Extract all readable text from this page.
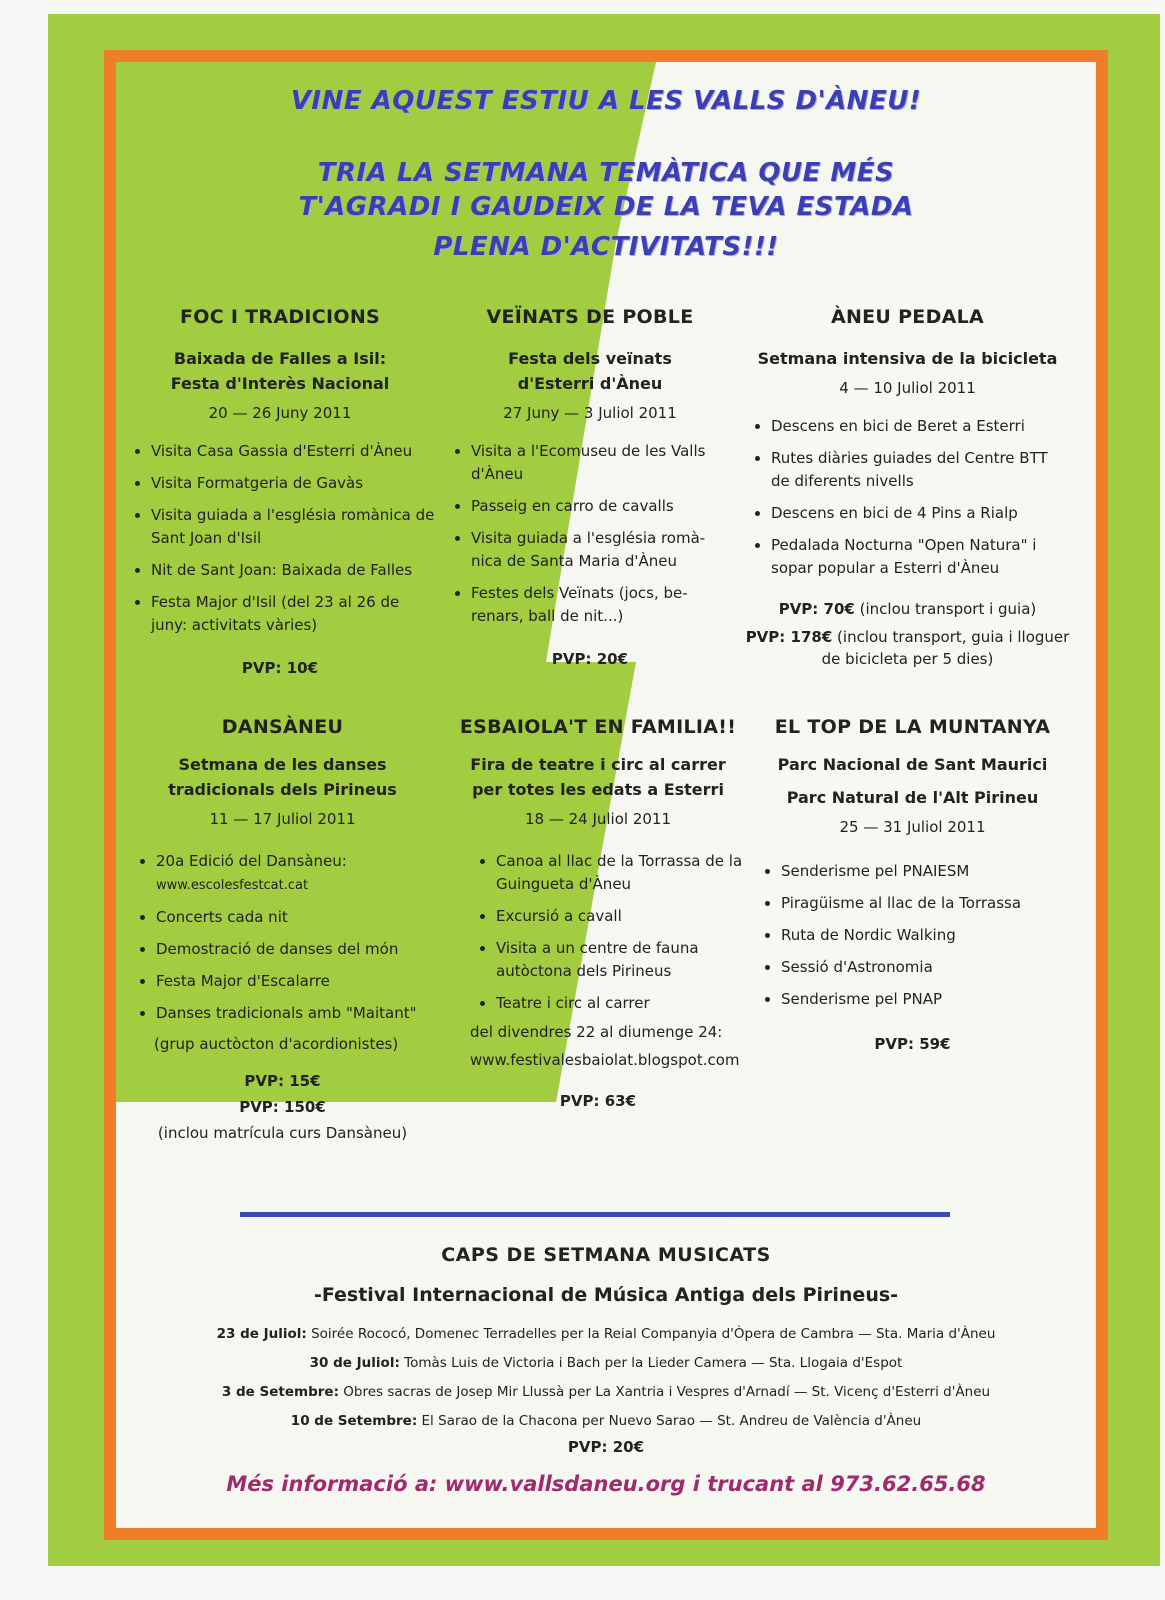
VINE AQUEST ESTIU A LES VALLS D'ÀNEU!
TRIA LA SETMANA TEMÀTICA QUE MÉS
T'AGRADI I GAUDEIX DE LA TEVA ESTADA
PLENA D'ACTIVITATS!!!
FOC I TRADICIONS
Baixada de Falles a Isil:
Festa d'Interès Nacional
20 — 26 Juny 2011
• Visita Casa Gassia d'Esterri d'Àneu
• Visita Formatgeria de Gavàs
• Visita guiada a l'església romànica de Sant Joan d'Isil
• Nit de Sant Joan: Baixada de Falles
• Festa Major d'Isil (del 23 al 26 de juny: activitats vàries)
PVP: 10€
VEÏNATS DE POBLE
Festa dels veïnats
d'Esterri d'Àneu
27 Juny — 3 Juliol 2011
• Visita a l'Ecomuseu de les Valls d'Àneu
• Passeig en carro de cavalls
• Visita guiada a l'església romà-nica de Santa Maria d'Àneu
• Festes dels Veïnats (jocs, be-renars, ball de nit...)
PVP: 20€
ÀNEU PEDALA
Setmana intensiva de la bicicleta
4 — 10 Juliol 2011
• Descens en bici de Beret a Esterri
• Rutes diàries guiades del Centre BTT de diferents nivells
• Descens en bici de 4 Pins a Rialp
• Pedalada Nocturna "Open Natura" i sopar popular a Esterri d'Àneu
PVP: 70€ (inclou transport i guia)
PVP: 178€ (inclou transport, guia i lloguer de bicicleta per 5 dies)
DANSÀNEU
Setmana de les danses
tradicionals dels Pirineus
11 — 17 Juliol 2011
• 20a Edició del Dansàneu:
www.escolesfestcat.cat
• Concerts cada nit
• Demostració de danses del món
• Festa Major d'Escalarre
• Danses tradicionals amb "Maitant"
(grup auctòcton d'acordionistes)
PVP: 15€
PVP: 150€
(inclou matrícula curs Dansàneu)
ESBAIOLA'T EN FAMILIA!!
Fira de teatre i circ al carrer
per totes les edats a Esterri
18 — 24 Juliol 2011
• Canoa al llac de la Torrassa de la Guingueta d'Àneu
• Excursió a cavall
• Visita a un centre de fauna autòctona dels Pirineus
• Teatre i circ al carrer
del divendres 22 al diumenge 24:
www.festivalesbaiolat.blogspot.com
PVP: 63€
EL TOP DE LA MUNTANYA
Parc Nacional de Sant Maurici
Parc Natural de l'Alt Pirineu
25 — 31 Juliol 2011
• Senderisme pel PNAIESM
• Piragüisme al llac de la Torrassa
• Ruta de Nordic Walking
• Sessió d'Astronomia
• Senderisme pel PNAP
PVP: 59€
CAPS DE SETMANA MUSICATS
-Festival Internacional de Música Antiga dels Pirineus-
23 de Juliol: Soirée Rococó, Domenec Terradelles per la Reial Companyia d'Òpera de Cambra — Sta. Maria d'Àneu
30 de Juliol: Tomàs Luis de Victoria i Bach per la Lieder Camera — Sta. Llogaia d'Espot
3 de Setembre: Obres sacras de Josep Mir Llussà per La Xantria i Vespres d'Arnadí — St. Vicenç d'Esterri d'Àneu
10 de Setembre: El Sarao de la Chacona per Nuevo Sarao — St. Andreu de València d'Àneu
PVP: 20€
Més informació a: www.vallsdaneu.org i trucant al 973.62.65.68
